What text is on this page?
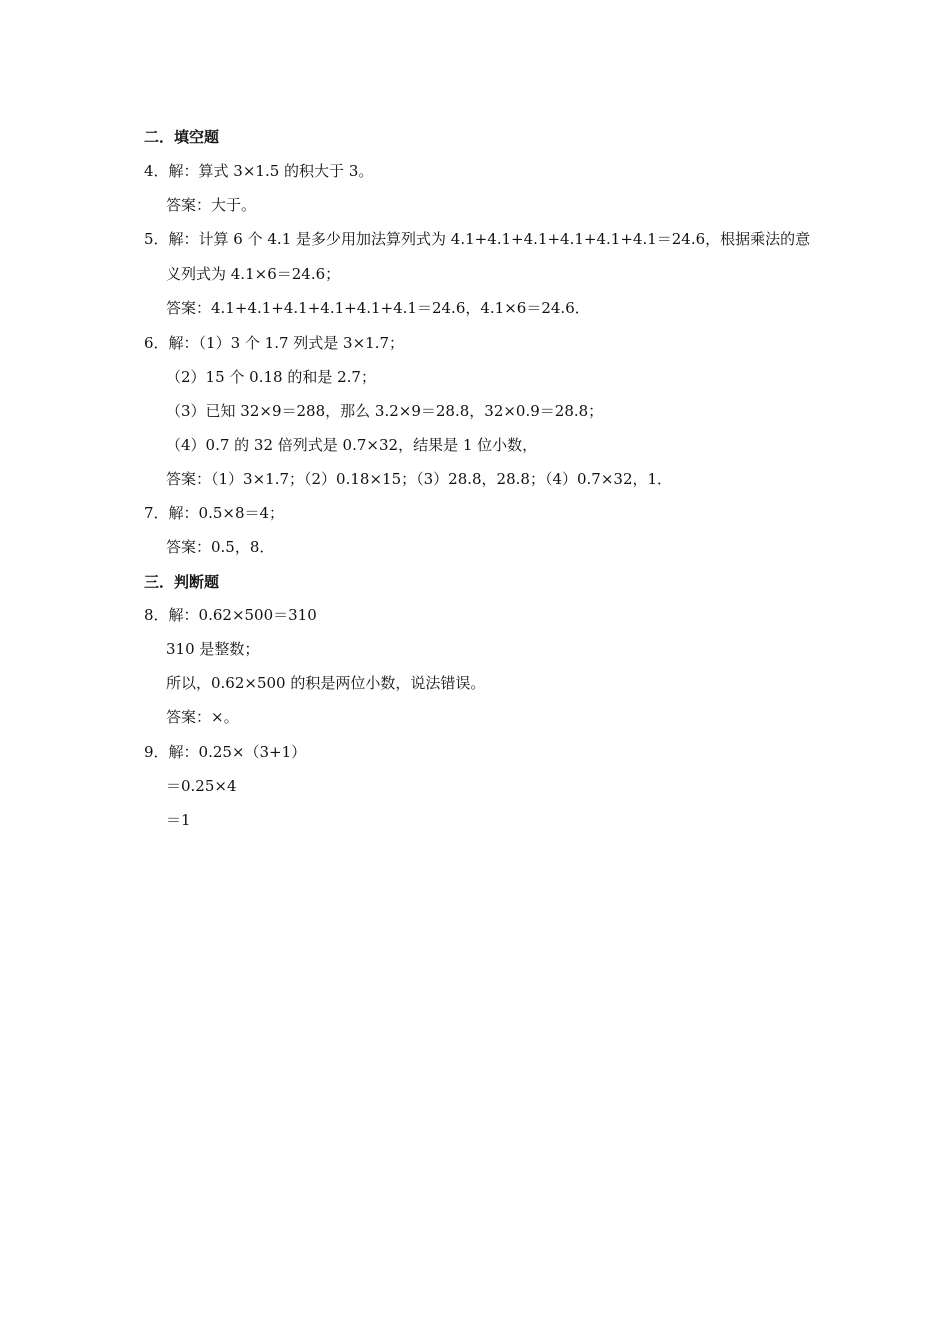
二．填空题
4．解：算式 3×1.5 的积大于 3。
答案：大于。
5．解：计算 6 个 4.1 是多少用加法算列式为 4.1+4.1+4.1+4.1+4.1+4.1＝24.6，根据乘法的意
义列式为 4.1×6＝24.6；
答案：4.1+4.1+4.1+4.1+4.1+4.1＝24.6，4.1×6＝24.6．
6．解：（1）3 个 1.7 列式是 3×1.7；
（2）15 个 0.18 的和是 2.7；
（3）已知 32×9＝288，那么 3.2×9＝28.8，32×0.9＝28.8；
（4）0.7 的 32 倍列式是 0.7×32，结果是 1 位小数，
答案：（1）3×1.7；（2）0.18×15；（3）28.8，28.8；（4）0.7×32，1．
7．解：0.5×8＝4；
答案：0.5，8．
三．判断题
8．解：0.62×500＝310
310 是整数；
所以，0.62×500 的积是两位小数，说法错误。
答案：×。
9．解：0.25×（3+1）
＝0.25×4
＝1
